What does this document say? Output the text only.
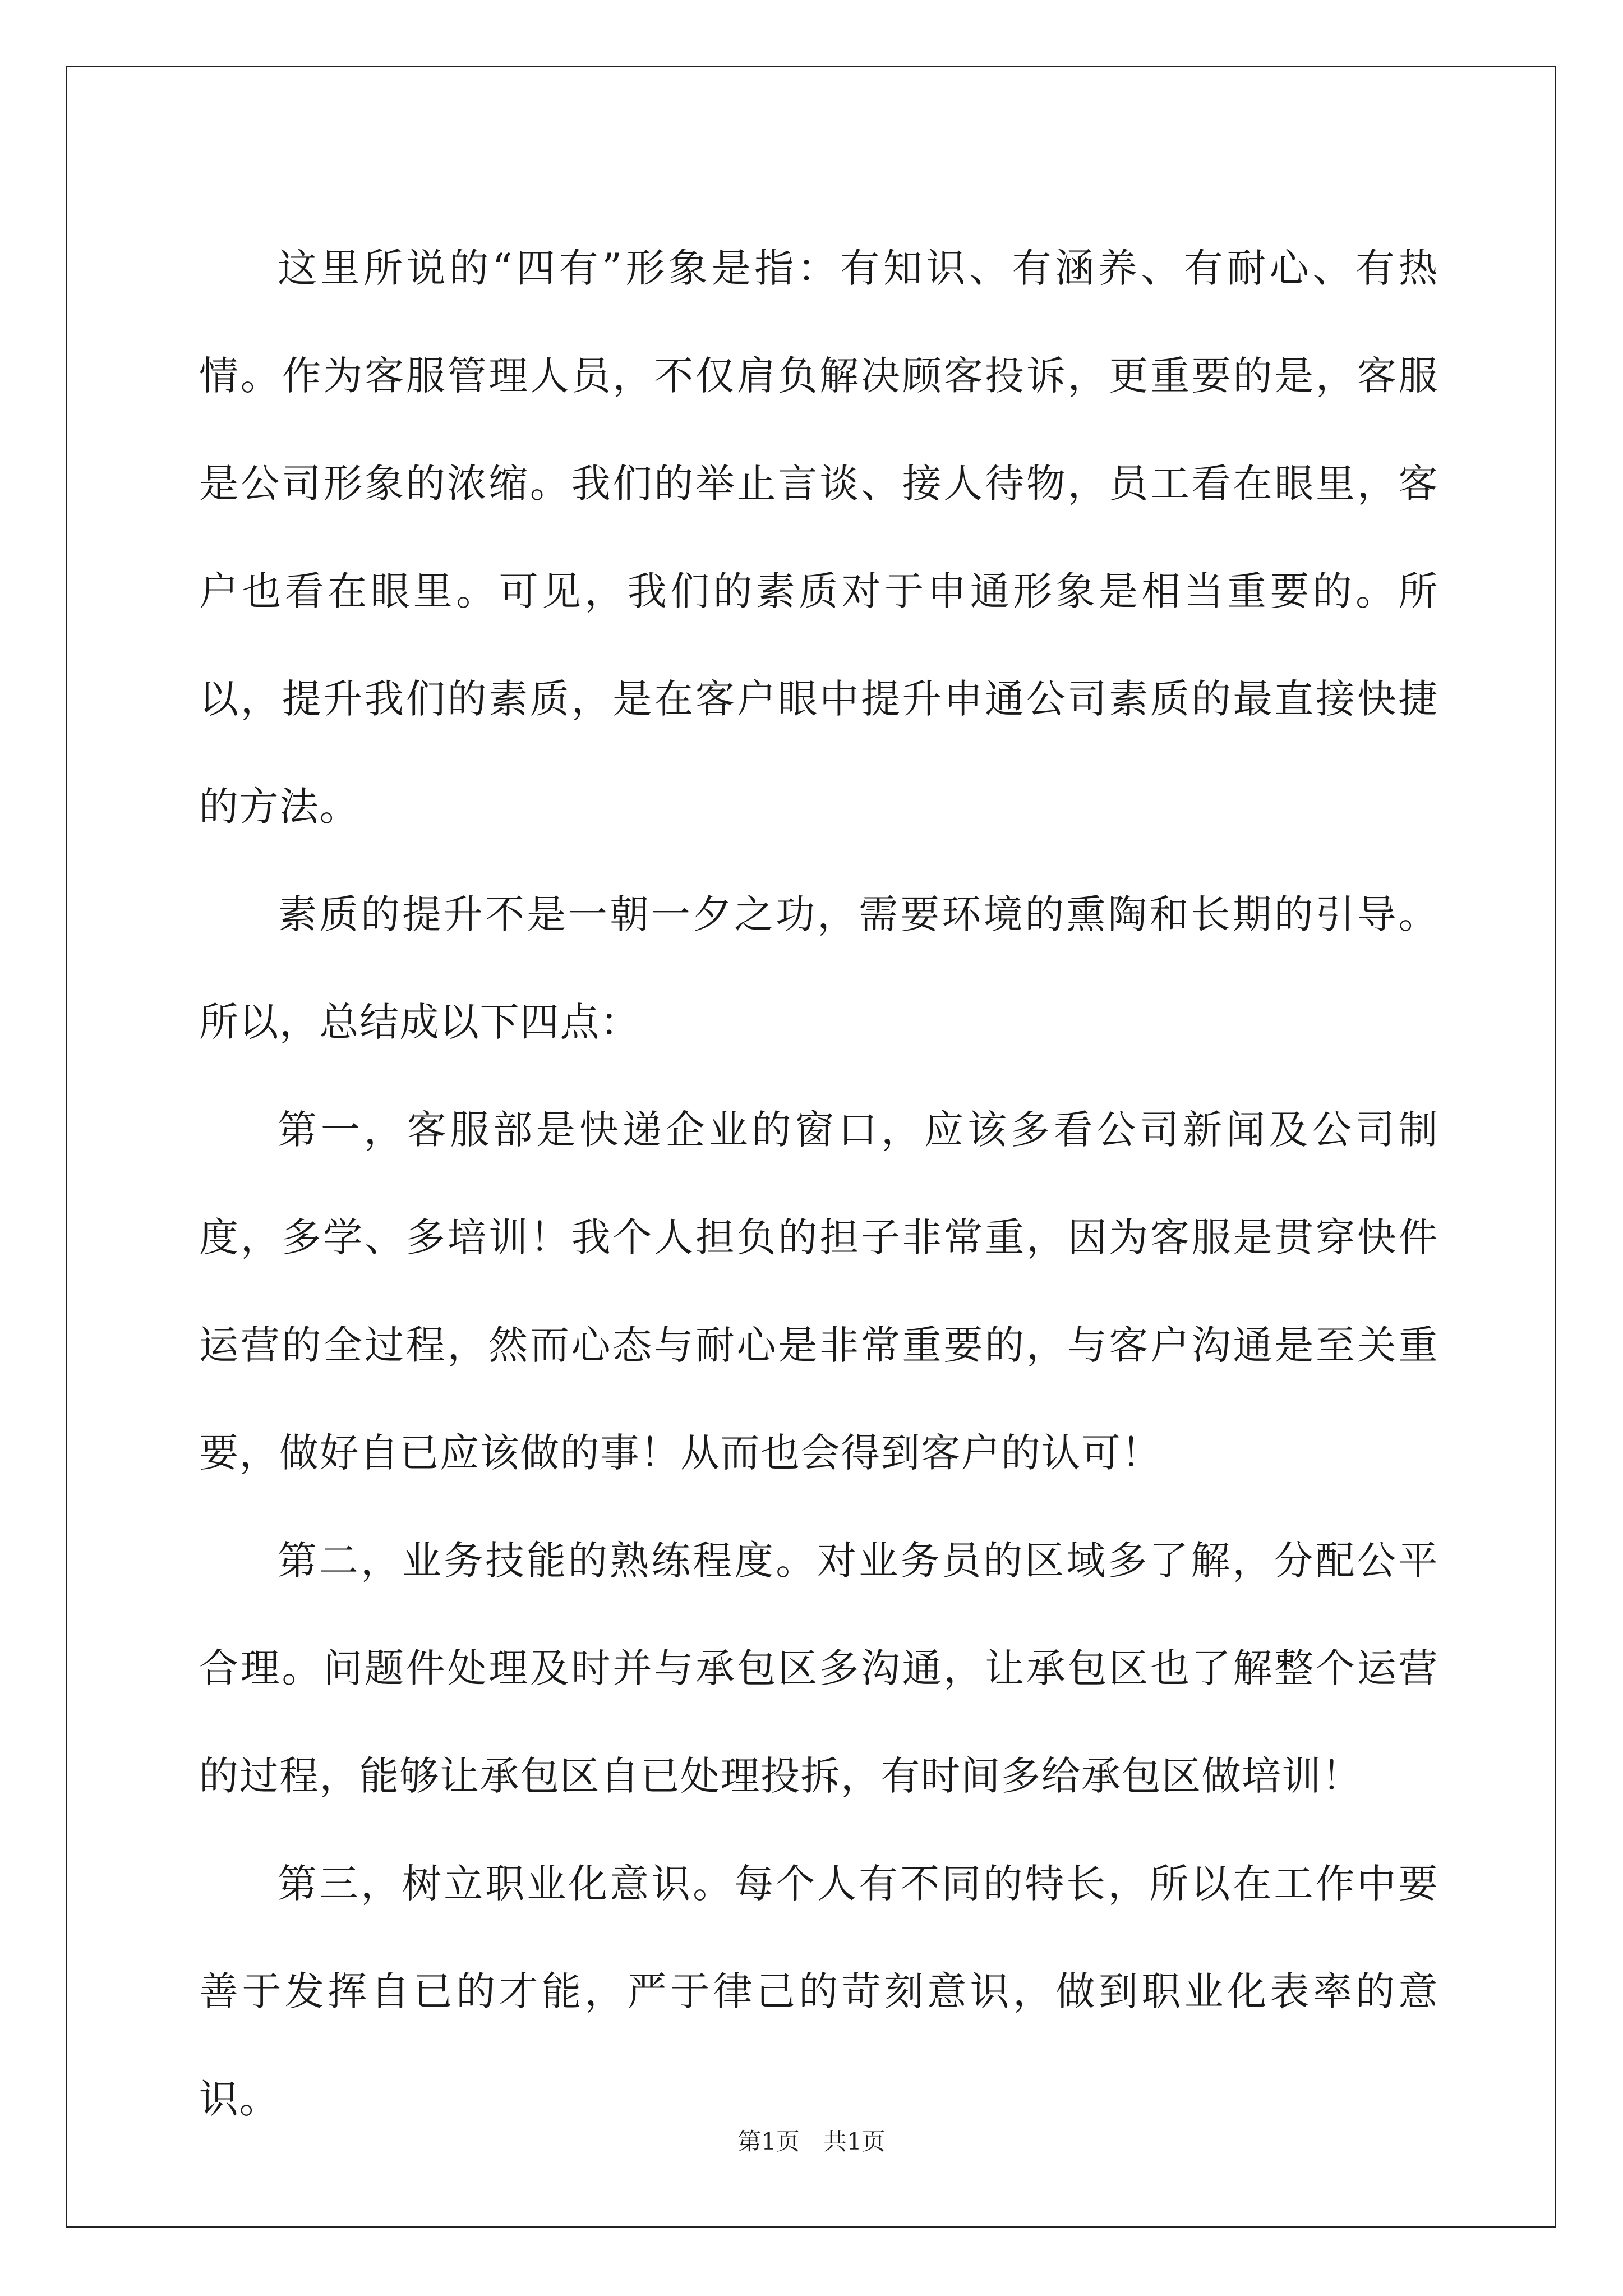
这里所说的“四有”形象是指：有知识、有涵养、有耐心、有热情。作为客服管理人员，不仅肩负解决顾客投诉，更重要的是，客服是公司形象的浓缩。我们的举止言谈、接人待物，员工看在眼里，客户也看在眼里。可见，我们的素质对于申通形象是相当重要的。所以，提升我们的素质，是在客户眼中提升申通公司素质的最直接快捷的方法。

素质的提升不是一朝一夕之功，需要环境的熏陶和长期的引导。所以，总结成以下四点：

第一，客服部是快递企业的窗口，应该多看公司新闻及公司制度，多学、多培训！我个人担负的担子非常重，因为客服是贯穿快件运营的全过程，然而心态与耐心是非常重要的，与客户沟通是至关重要，做好自已应该做的事！从而也会得到客户的认可！

第二，业务技能的熟练程度。对业务员的区域多了解，分配公平合理。问题件处理及时并与承包区多沟通，让承包区也了解整个运营的过程，能够让承包区自已处理投拆，有时间多给承包区做培训！

第三，树立职业化意识。每个人有不同的特长，所以在工作中要善于发挥自已的才能，严于律己的苛刻意识，做到职业化表率的意识。

第1页　共1页
